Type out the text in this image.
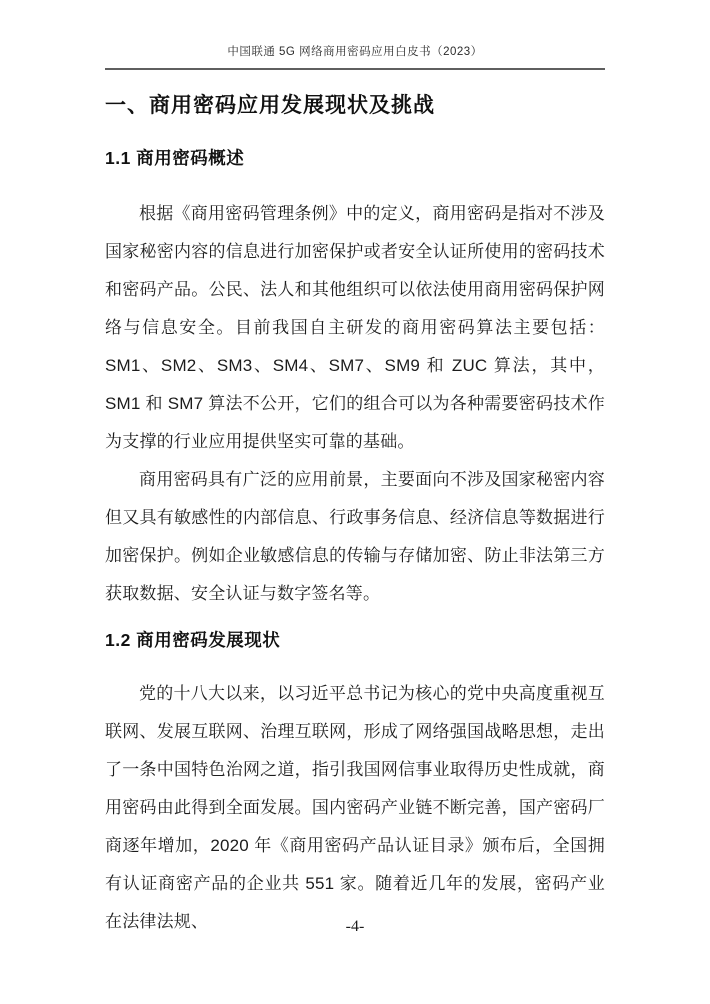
中国联通 5G 网络商用密码应用白皮书（2023）
一、商用密码应用发展现状及挑战
1.1 商用密码概述

根据《商用密码管理条例》中的定义，商用密码是指对不涉及国家秘密内容的信息进行加密保护或者安全认证所使用的密码技术和密码产品。公民、法人和其他组织可以依法使用商用密码保护网络与信息安全。目前我国自主研发的商用密码算法主要包括：SM1、SM2、SM3、SM4、SM7、SM9 和 ZUC 算法，其中，SM1 和 SM7 算法不公开，它们的组合可以为各种需要密码技术作为支撑的行业应用提供坚实可靠的基础。

商用密码具有广泛的应用前景，主要面向不涉及国家秘密内容但又具有敏感性的内部信息、行政事务信息、经济信息等数据进行加密保护。例如企业敏感信息的传输与存储加密、防止非法第三方获取数据、安全认证与数字签名等。

1.2 商用密码发展现状

党的十八大以来，以习近平总书记为核心的党中央高度重视互联网、发展互联网、治理互联网，形成了网络强国战略思想，走出了一条中国特色治网之道，指引我国网信事业取得历史性成就，商用密码由此得到全面发展。国内密码产业链不断完善，国产密码厂商逐年增加，2020 年《商用密码产品认证目录》颁布后，全国拥有认证商密产品的企业共 551 家。随着近几年的发展，密码产业在法律法规、	-4-
